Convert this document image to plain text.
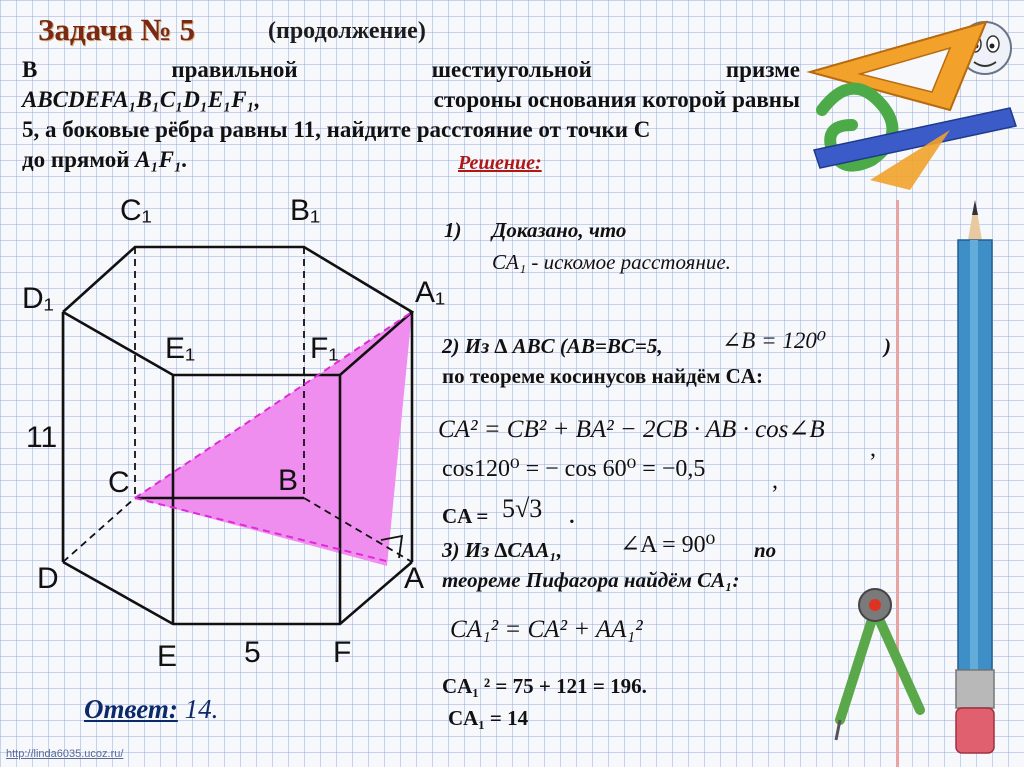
Задача № 5	(продолжение)
В	правильной	шестиугольной	призме
ABCDEFA₁B₁C₁D₁E₁F₁,	стороны основания которой равны
5, а боковые рёбра равны 11, найдите расстояние от точки C
до прямой A₁F₁.	Решение:
C₁	B₁
D₁	A₁
E₁	F₁
11
C	B
D	A
E 5 F
1) Доказано, что
CA₁ - искомое расстояние.
2) Из ∆ ABC (AB=BC=5,	∠B = 120⁰	)
по теореме косинусов найдём CA:
CA² = CB² + BA² − 2CB · AB · cos∠B
,
cos120⁰ = − cos 60⁰ = −0,5	,
CA = 5√3 .
3) Из ∆CAA₁, ∠A = 90⁰ по
теореме Пифагора найдём CA₁:
CA₁² = CA² + AA₁²
CA₁ ² = 75 + 121 = 196.
CA₁ = 14
Ответ: 14.
http://linda6035.ucoz.ru/
